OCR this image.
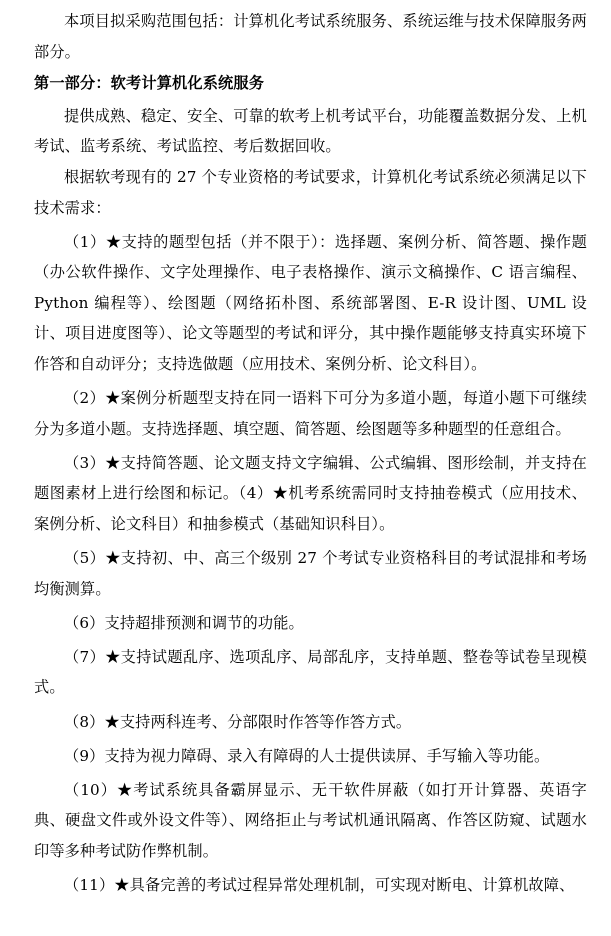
本项目拟采购范围包括：计算机化考试系统服务、系统运维与技术保障服务两部分。

第一部分：软考计算机化系统服务

提供成熟、稳定、安全、可靠的软考上机考试平台，功能覆盖数据分发、上机考试、监考系统、考试监控、考后数据回收。

根据软考现有的 27 个专业资格的考试要求，计算机化考试系统必须满足以下技术需求：

（1）★支持的题型包括（并不限于）：选择题、案例分析、简答题、操作题（办公软件操作、文字处理操作、电子表格操作、演示文稿操作、C 语言编程、Python 编程等）、绘图题（网络拓朴图、系统部署图、E-R 设计图、UML 设计、项目进度图等）、论文等题型的考试和评分，其中操作题能够支持真实环境下作答和自动评分；支持选做题（应用技术、案例分析、论文科目）。

（2）★案例分析题型支持在同一语料下可分为多道小题，每道小题下可继续分为多道小题。支持选择题、填空题、简答题、绘图题等多种题型的任意组合。

（3）★支持简答题、论文题支持文字编辑、公式编辑、图形绘制，并支持在题图素材上进行绘图和标记。（4）★机考系统需同时支持抽卷模式（应用技术、案例分析、论文科目）和抽参模式（基础知识科目）。

（5）★支持初、中、高三个级别 27 个考试专业资格科目的考试混排和考场均衡测算。

（6）支持超排预测和调节的功能。

（7）★支持试题乱序、选项乱序、局部乱序，支持单题、整卷等试卷呈现模式。

（8）★支持两科连考、分部限时作答等作答方式。

（9）支持为视力障碍、录入有障碍的人士提供读屏、手写输入等功能。

（10）★考试系统具备霸屏显示、无干软件屏蔽（如打开计算器、英语字典、硬盘文件或外设文件等）、网络拒止与考试机通讯隔离、作答区防窥、试题水印等多种考试防作弊机制。

（11）★具备完善的考试过程异常处理机制，可实现对断电、计算机故障、
